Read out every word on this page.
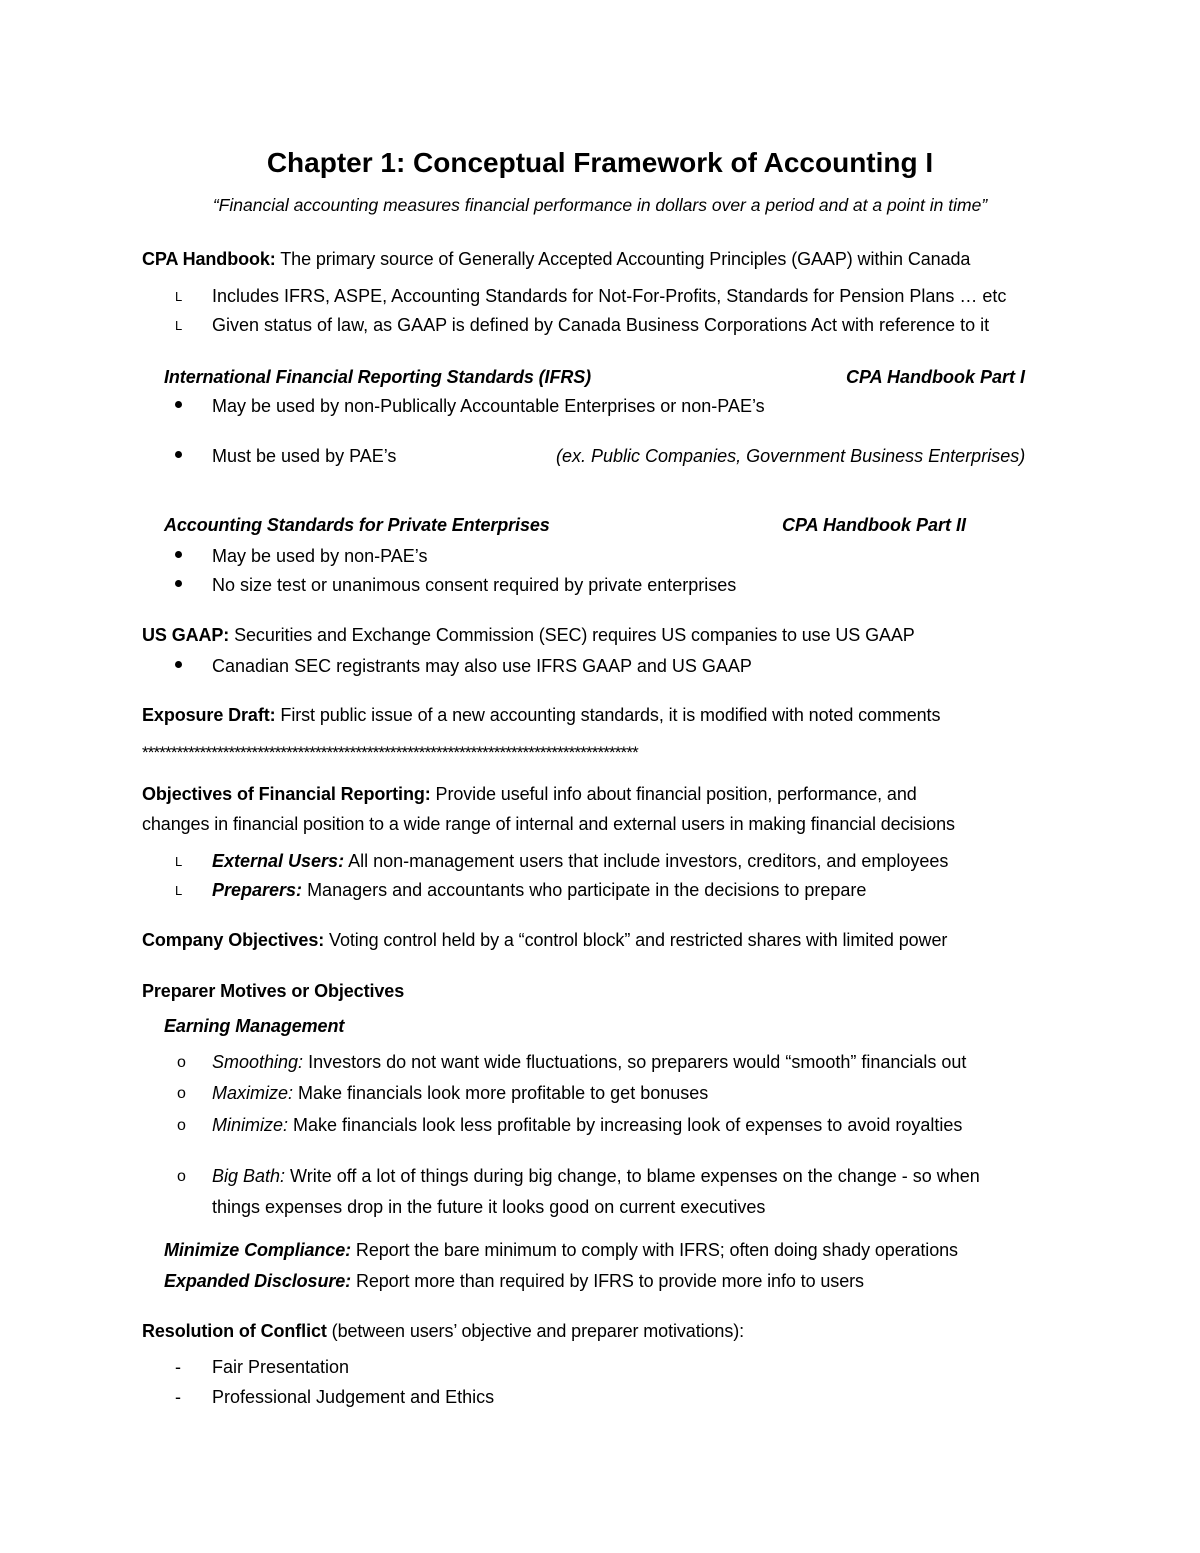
Chapter 1: Conceptual Framework of Accounting I
“Financial accounting measures financial performance in dollars over a period and at a point in time”
CPA Handbook: The primary source of Generally Accepted Accounting Principles (GAAP) within Canada
L Includes IFRS, ASPE, Accounting Standards for Not-For-Profits, Standards for Pension Plans … etc
L Given status of law, as GAAP is defined by Canada Business Corporations Act with reference to it
International Financial Reporting Standards (IFRS)	CPA Handbook Part I
May be used by non-Publically Accountable Enterprises or non-PAE’s
Must be used by PAE’s	(ex. Public Companies, Government Business Enterprises)
Accounting Standards for Private Enterprises	CPA Handbook Part II
May be used by non-PAE’s
No size test or unanimous consent required by private enterprises
US GAAP: Securities and Exchange Commission (SEC) requires US companies to use US GAAP
Canadian SEC registrants may also use IFRS GAAP and US GAAP
Exposure Draft: First public issue of a new accounting standards, it is modified with noted comments
**************************************************************************************
Objectives of Financial Reporting: Provide useful info about financial position, performance, and
changes in financial position to a wide range of internal and external users in making financial decisions
L External Users: All non-management users that include investors, creditors, and employees
L Preparers: Managers and accountants who participate in the decisions to prepare
Company Objectives: Voting control held by a “control block” and restricted shares with limited power
Preparer Motives or Objectives
Earning Management
o Smoothing: Investors do not want wide fluctuations, so preparers would “smooth” financials out
o Maximize: Make financials look more profitable to get bonuses
o Minimize: Make financials look less profitable by increasing look of expenses to avoid royalties
o Big Bath: Write off a lot of things during big change, to blame expenses on the change - so when
things expenses drop in the future it looks good on current executives
Minimize Compliance: Report the bare minimum to comply with IFRS; often doing shady operations
Expanded Disclosure: Report more than required by IFRS to provide more info to users
Resolution of Conflict (between users’ objective and preparer motivations):
- Fair Presentation
- Professional Judgement and Ethics
